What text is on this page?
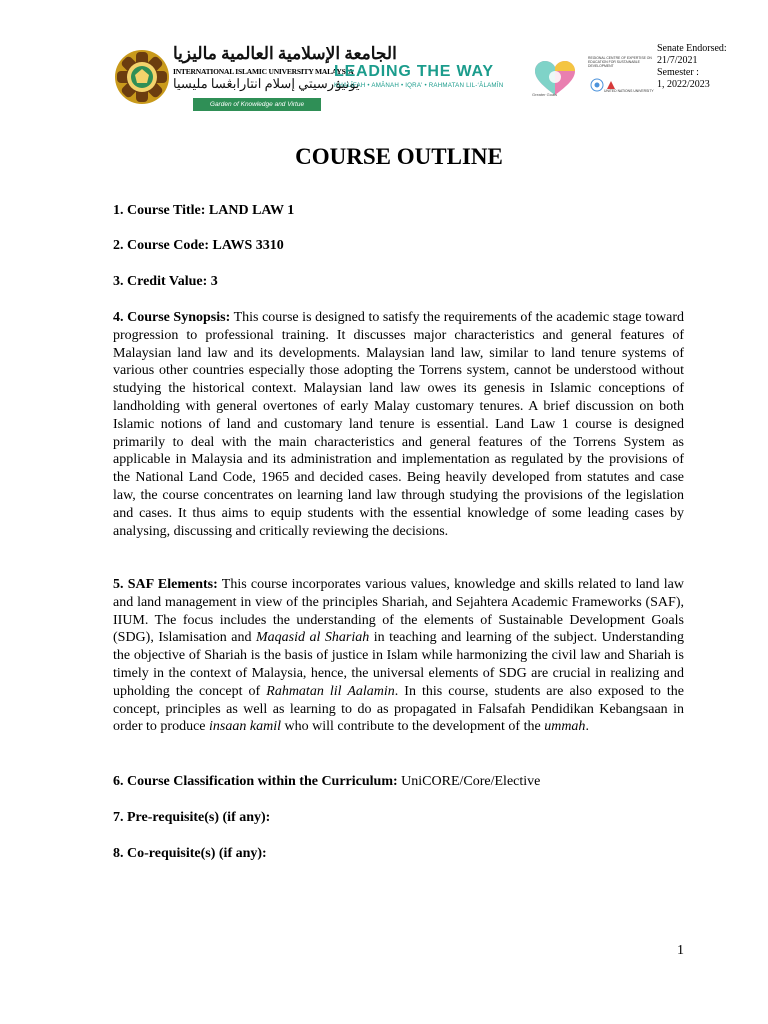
الجامعة الإسلامية العالمية ماليزيا
INTERNATIONAL ISLAMIC UNIVERSITY MALAYSIA
يونيۏرسيتي إسلام انتارابڠسا مليسيا
Garden of Knowledge and Virtue
LEADING THE WAY
KHALĪFAH • AMĀNAH • IQRA' • RAHMATAN LIL-‘ĀLAMĪN
Greater Goals
REGIONAL CENTRE OF EXPERTISE ON EDUCATION FOR SUSTAINABLE DEVELOPMENT
UNITED NATIONS UNIVERSITY
Senate Endorsed:
21/7/2021
Semester :
1, 2022/2023
COURSE OUTLINE
1. Course Title: LAND LAW 1
2. Course Code: LAWS 3310
3. Credit Value: 3
4. Course Synopsis: This course is designed to satisfy the requirements of the academic stage toward progression to professional training. It discusses major characteristics and general features of Malaysian land law and its developments. Malaysian land law, similar to land tenure systems of various other countries especially those adopting the Torrens system, cannot be understood without studying the historical context. Malaysian land law owes its genesis in Islamic conceptions of landholding with general overtones of early Malay customary tenures. A brief discussion on both Islamic notions of land and customary land tenure is essential. Land Law 1 course is designed primarily to deal with the main characteristics and general features of the Torrens System as applicable in Malaysia and its administration and implementation as regulated by the provisions of the National Land Code, 1965 and decided cases. Being heavily developed from statutes and case law, the course concentrates on learning land law through studying the provisions of the legislation and cases. It thus aims to equip students with the essential knowledge of some leading cases by analysing, discussing and critically reviewing the decisions.
5. SAF Elements: This course incorporates various values, knowledge and skills related to land law and land management in view of the principles Shariah, and Sejahtera Academic Frameworks (SAF), IIUM. The focus includes the understanding of the elements of Sustainable Development Goals (SDG), Islamisation and Maqasid al Shariah in teaching and learning of the subject. Understanding the objective of Shariah is the basis of justice in Islam while harmonizing the civil law and Shariah is timely in the context of Malaysia, hence, the universal elements of SDG are crucial in realizing and upholding the concept of Rahmatan lil Aalamin. In this course, students are also exposed to the concept, principles as well as learning to do as propagated in Falsafah Pendidikan Kebangsaan in order to produce insaan kamil who will contribute to the development of the ummah.
6. Course Classification within the Curriculum: UniCORE/Core/Elective
7. Pre-requisite(s) (if any):
8. Co-requisite(s) (if any):
1
